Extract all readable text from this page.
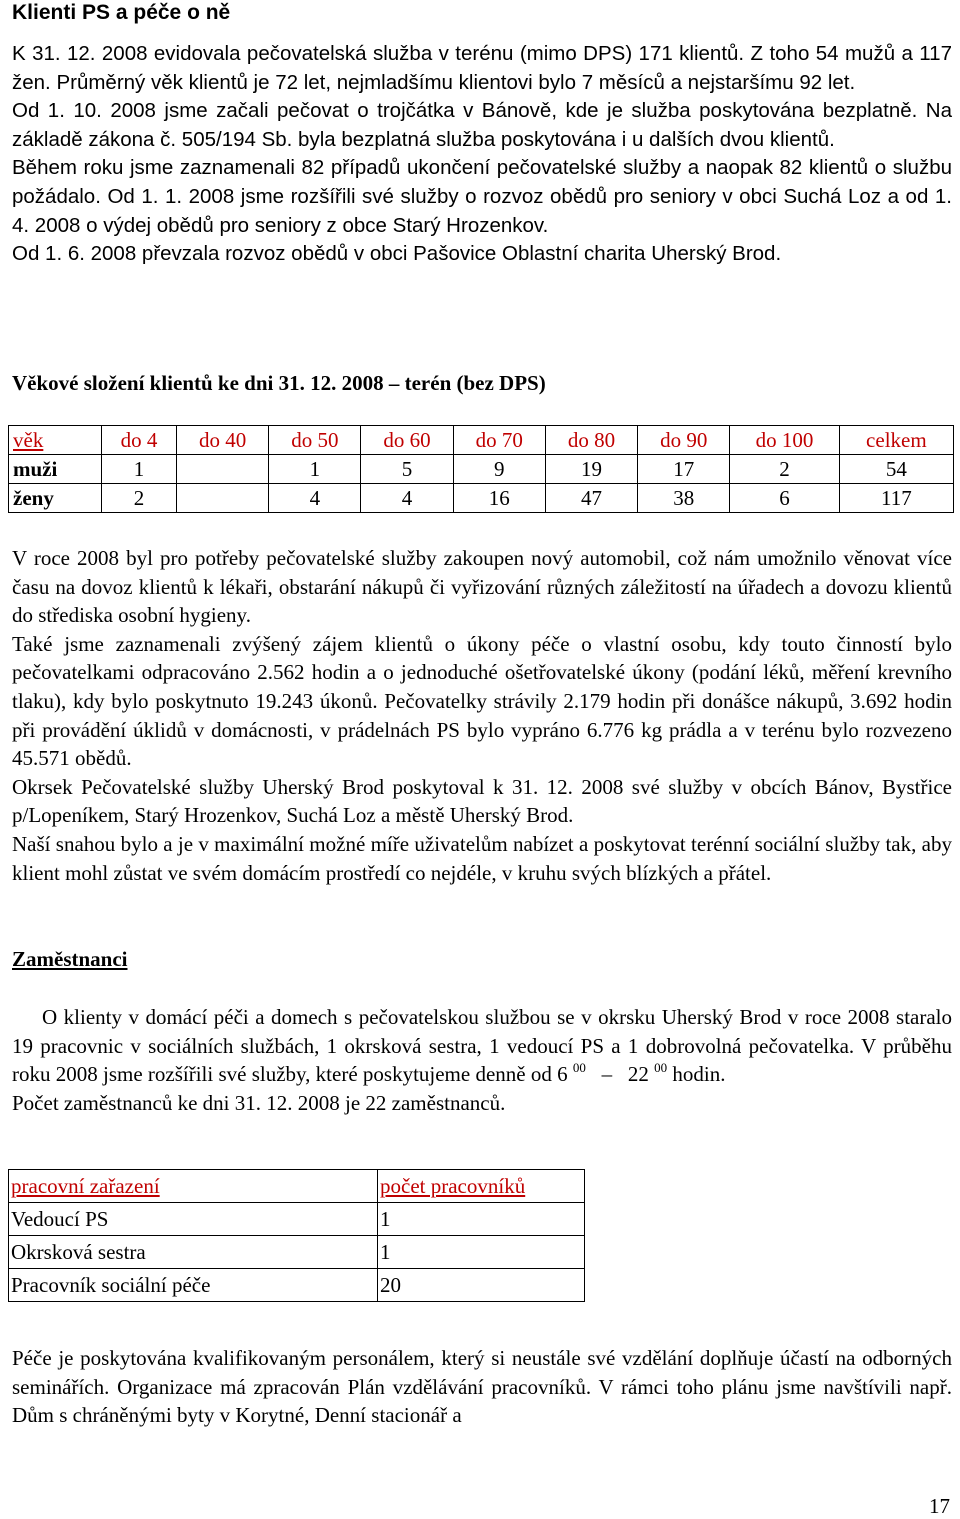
Klienti PS a péče o ně

K 31. 12. 2008 evidovala pečovatelská služba v terénu (mimo DPS) 171 klientů. Z toho 54 mužů a 117 žen. Průměrný věk klientů je 72 let, nejmladšímu klientovi bylo 7 měsíců a nejstaršímu 92 let.

Od 1. 10. 2008 jsme začali pečovat o trojčátka v Bánově, kde je služba poskytována bezplatně. Na základě zákona č. 505/194 Sb. byla bezplatná služba poskytována i u dalších dvou klientů.

Během roku jsme zaznamenali 82 případů ukončení pečovatelské služby a naopak 82 klientů o službu požádalo. Od 1. 1. 2008 jsme rozšířili své služby o rozvoz obědů pro seniory v obci Suchá Loz a od 1. 4. 2008 o výdej obědů pro seniory z obce Starý Hrozenkov.

Od 1. 6. 2008 převzala rozvoz obědů v obci Pašovice Oblastní charita Uherský Brod.

Věkové složení klientů ke dni 31. 12. 2008 – terén (bez DPS)
věk	do 4	do 40	do 50	do 60	do 70	do 80	do 90	do 100	celkem
muži	1		1	5	9	19	17	2	54
ženy	2		4	4	16	47	38	6	117

V roce 2008 byl pro potřeby pečovatelské služby zakoupen nový automobil, což nám umožnilo věnovat více času na dovoz klientů k lékaři, obstarání nákupů či vyřizování různých záležitostí na úřadech a dovozu klientů do střediska osobní hygieny.

Také jsme zaznamenali zvýšený zájem klientů o úkony péče o vlastní osobu, kdy touto činností bylo pečovatelkami odpracováno 2.562 hodin a o jednoduché ošetřovatelské úkony (podání léků, měření krevního tlaku), kdy bylo poskytnuto 19.243 úkonů. Pečovatelky strávily 2.179 hodin při donášce nákupů, 3.692 hodin při provádění úklidů v domácnosti, v prádelnách PS bylo vypráno 6.776 kg prádla a v terénu bylo rozvezeno 45.571 obědů.

Okrsek Pečovatelské služby Uherský Brod poskytoval k 31. 12. 2008 své služby v obcích Bánov, Bystřice p/Lopeníkem, Starý Hrozenkov, Suchá Loz a městě Uherský Brod.

Naší snahou bylo a je v maximální možné míře uživatelům nabízet a poskytovat terénní sociální služby tak, aby klient mohl zůstat ve svém domácím prostředí co nejdéle, v kruhu svých blízkých a přátel.

Zaměstnanci

O klienty v domácí péči a domech s pečovatelskou službou se v okrsku Uherský Brod v roce 2008 staralo 19 pracovnic v sociálních službách, 1 okrsková sestra, 1 vedoucí PS a 1 dobrovolná pečovatelka. V průběhu roku 2008 jsme rozšířili své služby, které poskytujeme denně od 6 $^{00}$ – 22 $^{00}$ hodin.

Počet zaměstnanců ke dni 31. 12. 2008 je 22 zaměstnanců.

pracovní zařazení	počet pracovníků
Vedoucí PS	1
Okrsková sestra	1
Pracovník sociální péče	20

Péče je poskytována kvalifikovaným personálem, který si neustále své vzdělání doplňuje účastí na odborných seminářích. Organizace má zpracován Plán vzdělávání pracovníků. V rámci toho plánu jsme navštívili např. Dům s chráněnými byty v Korytné, Denní stacionář a

17
